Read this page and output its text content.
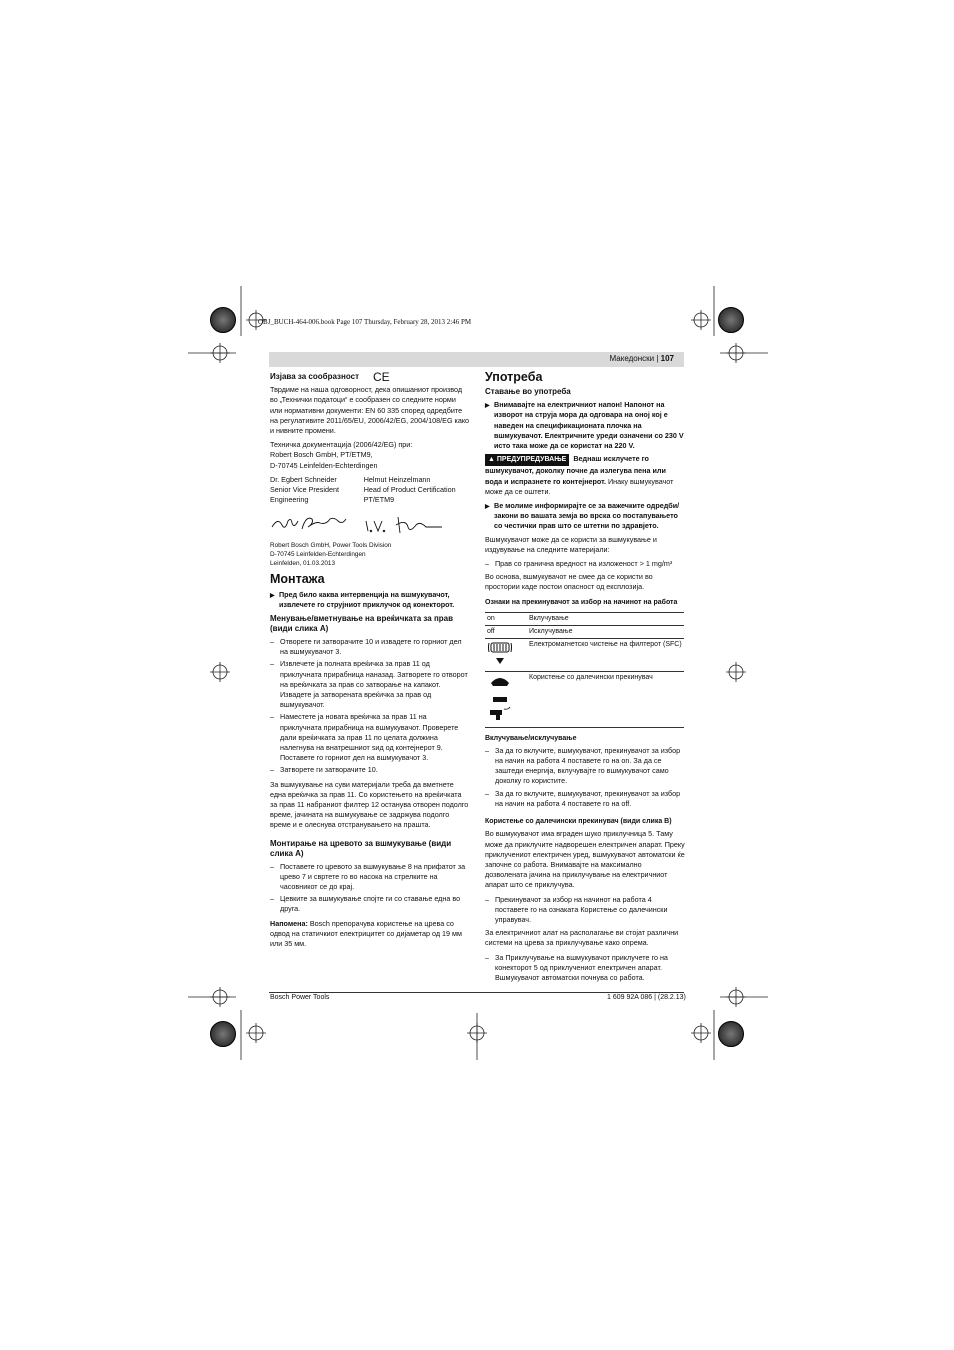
OBJ_BUCH-464-006.book Page 107 Thursday, February 28, 2013 2:46 PM
Македонски | 107
Изјава за сообразност CE

Тврдиме на наша одговорност, дека опишаниот производ во „Технички податоци“ е сообразен со следните норми или нормативни документи: EN 60 335 според одредбите на регулативите 2011/65/EU, 2006/42/EG, 2004/108/EG како и нивните промени.

Техничка документација (2006/42/EG) при:
Robert Bosch GmbH, PT/ETM9,
D-70745 Leinfelden-Echterdingen

Dr. Egbert Schneider
Senior Vice President
Engineering
Helmut Heinzelmann
Head of Product Certification
PT/ETM9

Robert Bosch GmbH, Power Tools Division
D-70745 Leinfelden-Echterdingen
Leinfelden, 01.03.2013

Монтажа
▶ Пред било каква интервенција на вшмукувачот, извлечете го струјниот приклучок од конекторот.
Менување/вметнување на вреќичката за прав (види слика А)
– Отворете ги затворачите 10 и извадете го горниот дел на вшмукувачот 3.
– Извлечете ја полната вреќичка за прав 11 од приклучната прирабница наназад. Затворете го отворот на вреќичката за прав со затворање на капакот. Извадете ја затворената вреќичка за прав од вшмукувачот.
– Наместете ја новата вреќичка за прав 11 на приклучната прирабница на вшмукувачот. Проверете дали вреќичката за прав 11 по целата должина налегнува на внатрешниот ѕид од контејнерот 9. Поставете го горниот дел на вшмукувачот 3.
– Затворете ги затворачите 10.

За вшмукување на суви материјали треба да вметнете една вреќичка за прав 11. Со користењето на вреќичката за прав 11 набраниот филтер 12 останува отворен подолго време, јачината на вшмукување се задржува подолго време и е олеснува отстранувањето на прашта.

Монтирање на цревото за вшмукување (види слика А)
– Поставете го цревото за вшмукување 8 на прифатот за црево 7 и свртете го во насока на стрелките на часовникот се до крај.
– Цевките за вшмукување спојте ги со ставање една во друга.

Напомена: Bosch препорачува користење на црева со одвод на статичкиот електрицитет со дијаметар од 19 мм или 35 мм.

Употреба
Ставање во употреба
▶ Внимавајте на електричниот напон! Напонот на изворот на струја мора да одговара на оној кој е наведен на спецификационата плочка на вшмукувачот. Електричните уреди означени со 230 V исто така може да се користат на 220 V.

▲ ПРЕДУПРЕДУВАЊЕ Веднаш исклучете го вшмукувачот, доколку почне да излегува пена или вода и испразнете го контејнерот. Инаку вшмукувачот може да се оштети.

▶ Ве молиме информирајте се за важечките одредби/закони во вашата земја во врска со постапувањето со честички прав што се штетни по здравјето.

Вшмукувачот може да се користи за вшмукување и издувување на следните материјали:

– Прав со гранична вредност на изложеност > 1 mg/m³

Во основа, вшмукувачот не смее да се користи во простории каде постои опасност од експлозија.

Ознаки на прекинувачот за избор на начинот на работа
on	Вклучување
off	Исклучување
	Електромагнетско чистење на филтерот (SFC)
	Користење со далечински прекинувач
Вклучување/исклучување
– За да го вклучите, вшмукувачот, прекинувачот за избор на начин на работа 4 поставете го на on. За да се заштеди енергија, вклучувајте го вшмукувачот само доколку го користите.
– За да го вклучите, вшмукувачот, прекинувачот за избор на начин на работа 4 поставете го на off.
Користење со далечински прекинувач (види слика В)

Во вшмукувачот има вграден шуко приклучница 5. Таму може да приклучите надворешен електричен апарат. Преку приклучениот електричен уред, вшмукувачот автоматски ќе започне со работа. Внимавајте на максимално дозволената јачина на приклучување на електричниот апарат што се приклучува.

– Прекинувачот за избор на начинот на работа 4 поставете го на ознаката Користење со далечински управувач.

За електричниот алат на располагање ви стојат различни системи на црева за приклучување како опрема.

– За Приклучување на вшмукувачот приклучете го на конекторот 5 од приклучениот електричен апарат. Вшмукувачот автоматски почнува со работа.
Bosch Power Tools	1 609 92A 086 | (28.2.13)
